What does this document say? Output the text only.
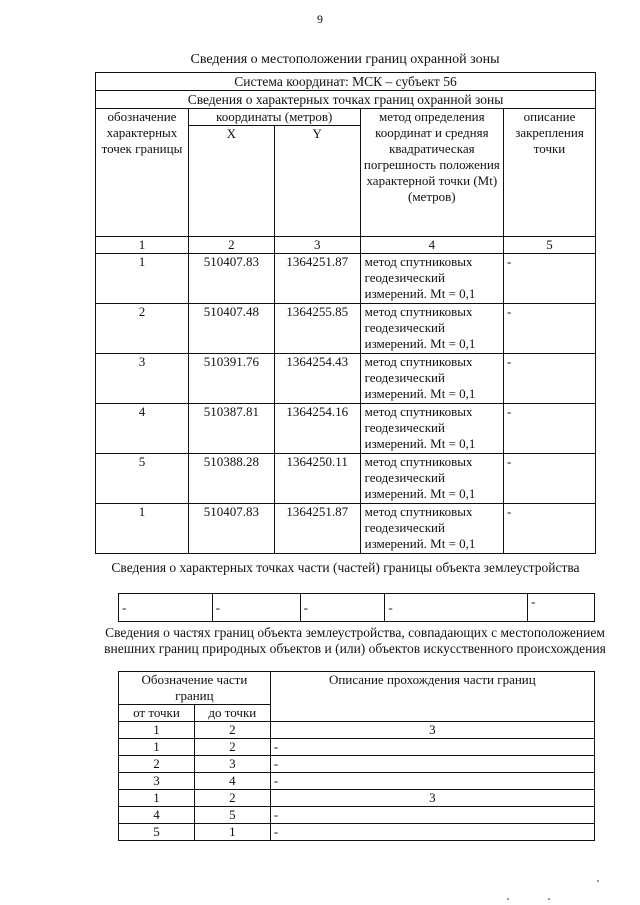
9
Сведения о местоположении границ охранной зоны
Система координат: МСК – субъект 56				
Сведения о характерных точках границ охранной зоны				
обозначение характерных точек границы	координаты (метров)		метод определения координат и средняя квадратическая погрешность положения характерной точки (Mt) (метров)	описание закрепления точки
	X	Y		
1	2	3	4	5
1	510407.83	1364251.87	метод спутниковых геодезический измерений. Mt = 0,1	-
2	510407.48	1364255.85	метод спутниковых геодезический измерений. Mt = 0,1	-
3	510391.76	1364254.43	метод спутниковых геодезический измерений. Mt = 0,1	-
4	510387.81	1364254.16	метод спутниковых геодезический измерений. Mt = 0,1	-
5	510388.28	1364250.11	метод спутниковых геодезический измерений. Mt = 0,1	-
1	510407.83	1364251.87	метод спутниковых геодезический измерений. Mt = 0,1	-
Сведения о характерных точках части (частей) границы объекта землеустройства
-	-	-	-	-
Сведения о частях границ объекта землеустройства, совпадающих с местоположением внешних границ природных объектов и (или) объектов искусственного происхождения
Обозначение части границ		Описание прохождения части границ
от точки	до точки	
1	2	3
1	2	-
2	3	-
3	4	-
1	2	3
4	5	-
5	1	-
